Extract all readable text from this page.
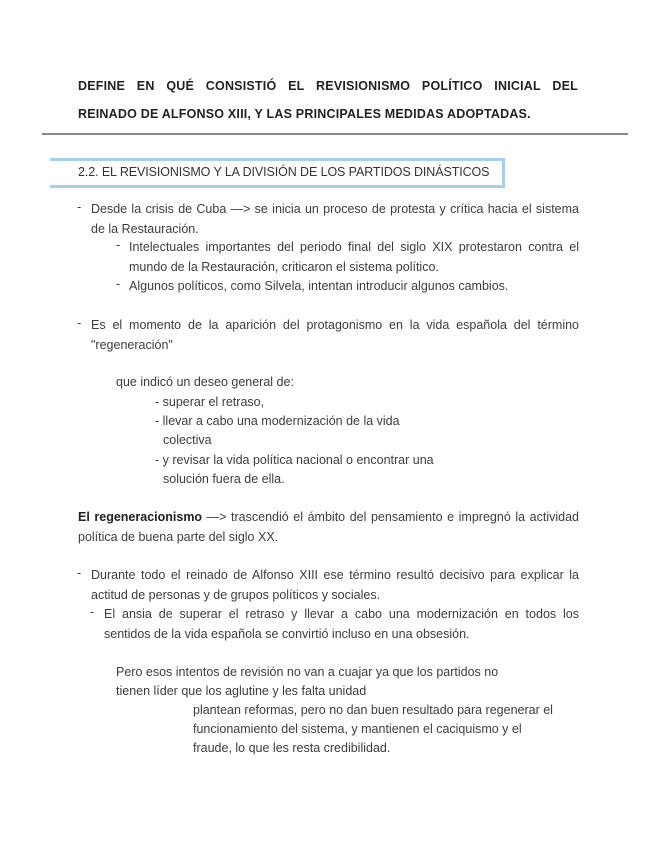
DEFINE EN QUÉ CONSISTIÓ EL REVISIONISMO POLÍTICO INICIAL DEL
REINADO DE ALFONSO XIII, Y LAS PRINCIPALES MEDIDAS ADOPTADAS.
2.2. EL REVISIONISMO Y LA DIVISIÓN DE LOS PARTIDOS DINÁSTICOS
- Desde la crisis de Cuba —> se inicia un proceso de protesta y crítica hacia el sistema de la Restauración.
- Intelectuales importantes del periodo final del siglo XIX protestaron contra el mundo de la Restauración, criticaron el sistema político.
- Algunos políticos, como Silvela, intentan introducir algunos cambios.
- Es el momento de la aparición del protagonismo en la vida española del término "regeneración"
que indicó un deseo general de:
- superar el retraso,
- llevar a cabo una modernización de la vida
colectiva
- y revisar la vida política nacional o encontrar una
solución fuera de ella.
El regeneracionismo —> trascendió el ámbito del pensamiento e impregnó la actividad política de buena parte del siglo XX.
- Durante todo el reinado de Alfonso XIII ese término resultó decisivo para explicar la actitud de personas y de grupos políticos y sociales.
- El ansia de superar el retraso y llevar a cabo una modernización en todos los sentidos de la vida española se convirtió incluso en una obsesión.
Pero esos intentos de revisión no van a cuajar ya que los partidos no
tienen líder que los aglutine y les falta unidad
plantean reformas, pero no dan buen resultado para regenerar el
funcionamiento del sistema, y mantienen el caciquismo y el
fraude, lo que les resta credibilidad.
